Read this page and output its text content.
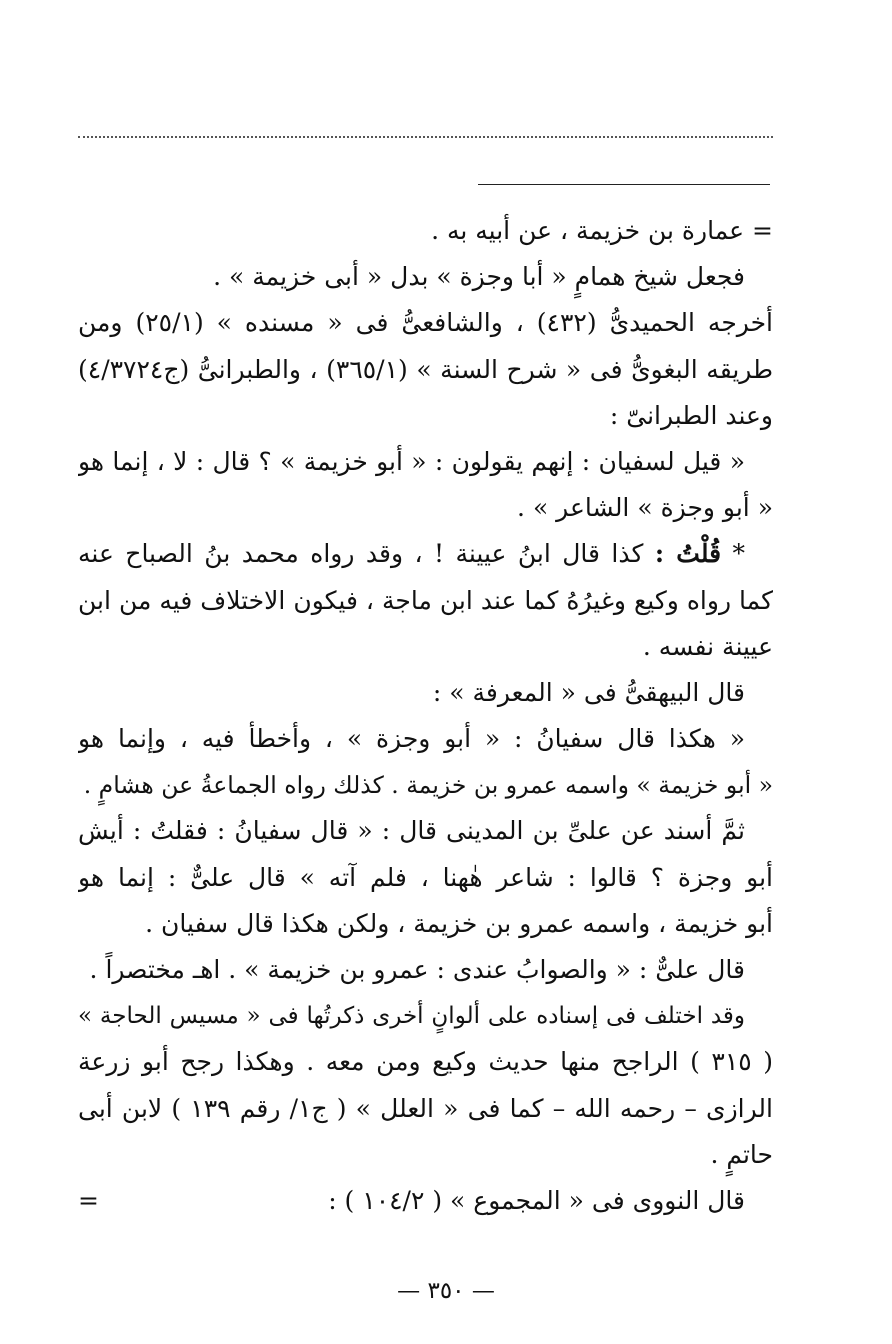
= عمارة بن خزيمة ، عن أبيه به .
فجعل شيخ همامٍ « أبا وجزة » بدل « أبى خزيمة » .
أخرجه الحميدىُّ (٤٣٢) ، والشافعىُّ فى « مسنده » (٢٥/١) ومن
طريقه البغوىُّ فى « شرح السنة » (٣٦٥/١) ، والطبرانىُّ (ج٤/٣٧٢٤)
وعند الطبرانىّ :
« قيل لسفيان : إنهم يقولون : « أبو خزيمة » ؟ قال : لا ، إنما هو
« أبو وجزة » الشاعر » .
* قُلْتُ : كذا قال ابنُ عيينة ! ، وقد رواه محمد بنُ الصباح عنه
كما رواه وكيع وغيرُهُ كما عند ابن ماجة ، فيكون الاختلاف فيه من ابن
عيينة نفسه .
قال البيهقىُّ فى « المعرفة » :
« هكذا قال سفيانُ : « أبو وجزة » ، وأخطأ فيه ، وإنما هو
« أبو خزيمة » واسمه عمرو بن خزيمة . كذلك رواه الجماعةُ عن هشامٍ .
ثمَّ أسند عن علىِّ بن المدينى قال : « قال سفيانُ : فقلتُ : أيش
أبو وجزة ؟ قالوا : شاعر هٰهنا ، فلم آته » قال علىٌّ : إنما هو
أبو خزيمة ، واسمه عمرو بن خزيمة ، ولكن هكذا قال سفيان .
قال علىٌّ : « والصوابُ عندى : عمرو بن خزيمة » . اهـ مختصراً .
وقد اختلف فى إسناده على ألوانٍ أخرى ذكرتُها فى « مسيس الحاجة »
( ٣١٥ ) الراجح منها حديث وكيع ومن معه . وهكذا رجح أبو زرعة
الرازى – رحمه الله – كما فى « العلل » ( ج١/ رقم ١٣٩ ) لابن أبى
حاتمٍ .
قال النووى فى « المجموع » ( ١٠٤/٢ ) :
=
— ٣٥٠ —
